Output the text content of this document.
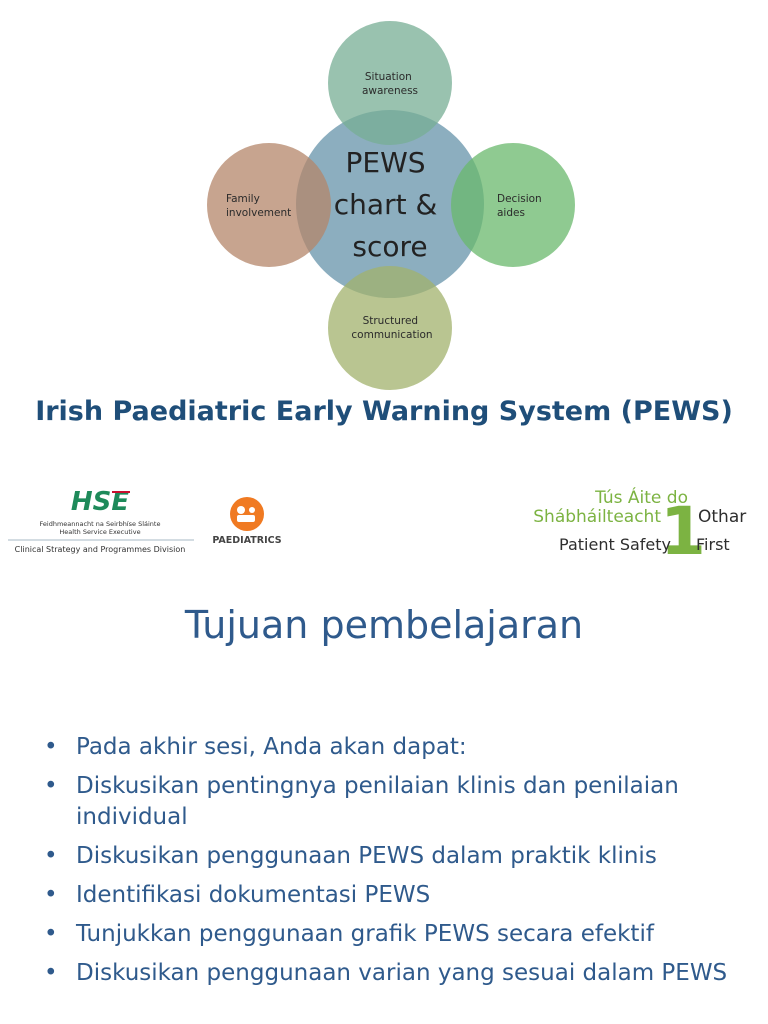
PEWS chart & score
Situation awareness
Decision aides
Structured communication
Family involvement
Irish Paediatric Early Warning System (PEWS)
HSE
Feidhmeannacht na Seirbhíse Sláinte
Health Service Executive
Clinical Strategy and Programmes Division
PAEDIATRICS
Tús Áite do
Shábháilteacht 1
Othar
Patient Safety First
Tujuan pembelajaran
• Pada akhir sesi, Anda akan dapat:
• Diskusikan pentingnya penilaian klinis dan penilaian individual
• Diskusikan penggunaan PEWS dalam praktik klinis
• Identifikasi dokumentasi PEWS
• Tunjukkan penggunaan grafik PEWS secara efektif
• Diskusikan penggunaan varian yang sesuai dalam PEWS
